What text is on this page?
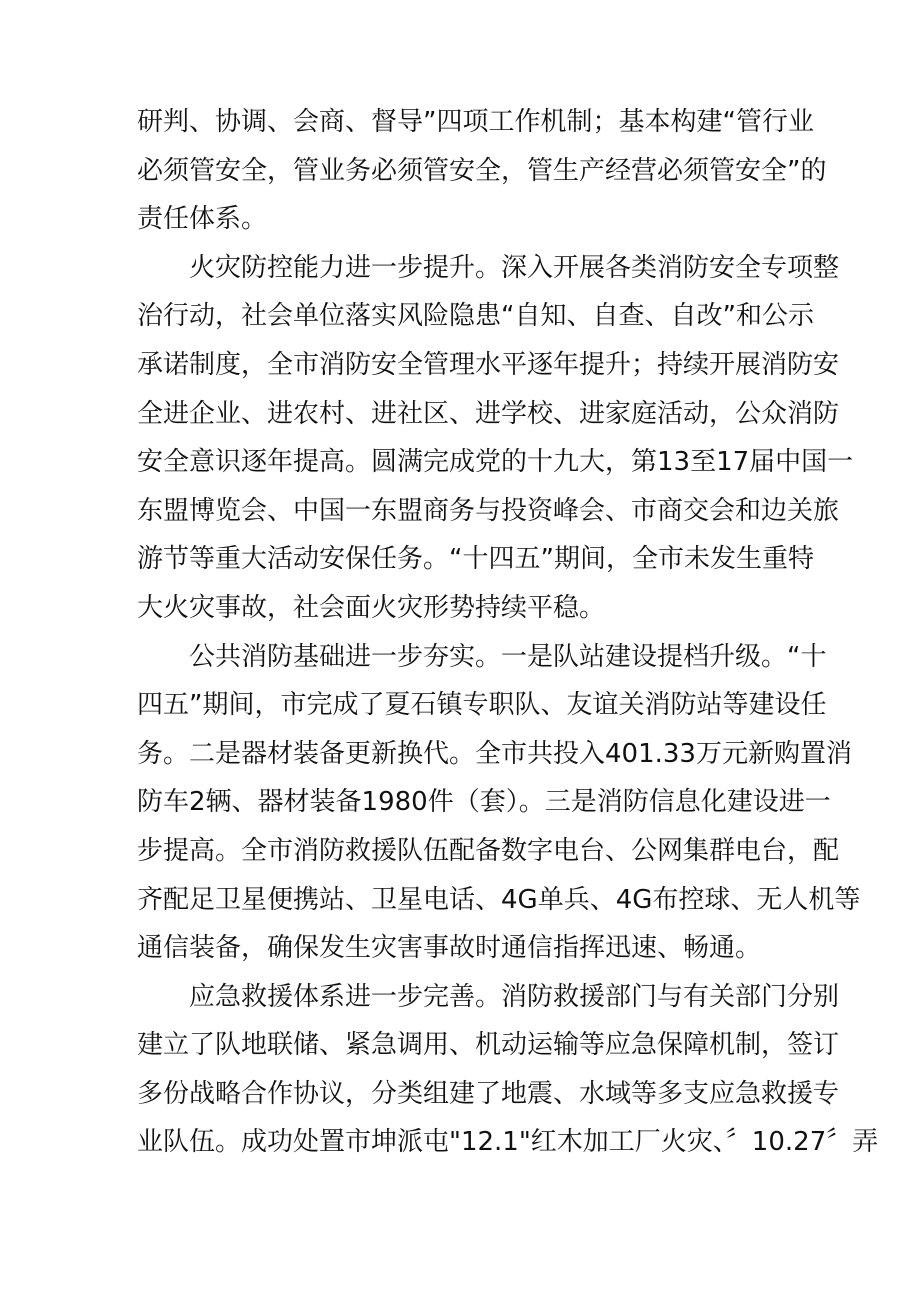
研判、协调、会商、督导”四项工作机制；基本构建“管行业
必须管安全，管业务必须管安全，管生产经营必须管安全”的
责任体系。
火灾防控能力进一步提升。深入开展各类消防安全专项整
治行动，社会单位落实风险隐患“自知、自查、自改”和公示
承诺制度，全市消防安全管理水平逐年提升；持续开展消防安
全进企业、进农村、进社区、进学校、进家庭活动，公众消防
安全意识逐年提高。圆满完成党的十九大，第13至17届中国一
东盟博览会、中国一东盟商务与投资峰会、市商交会和边关旅
游节等重大活动安保任务。“十四五”期间，全市未发生重特
大火灾事故，社会面火灾形势持续平稳。
公共消防基础进一步夯实。一是队站建设提档升级。“十
四五”期间，市完成了夏石镇专职队、友谊关消防站等建设任
务。二是器材装备更新换代。全市共投入401.33万元新购置消
防车2辆、器材装备1980件（套）。三是消防信息化建设进一
步提高。全市消防救援队伍配备数字电台、公网集群电台，配
齐配足卫星便携站、卫星电话、4G单兵、4G布控球、无人机等
通信装备，确保发生灾害事故时通信指挥迅速、畅通。
应急救援体系进一步完善。消防救援部门与有关部门分别
建立了队地联储、紧急调用、机动运输等应急保障机制，签订
多份战略合作协议，分类组建了地震、水域等多支应急救援专
业队伍。成功处置市坤派屯"12.1"红木加工厂火灾、〞10.27〞弄
